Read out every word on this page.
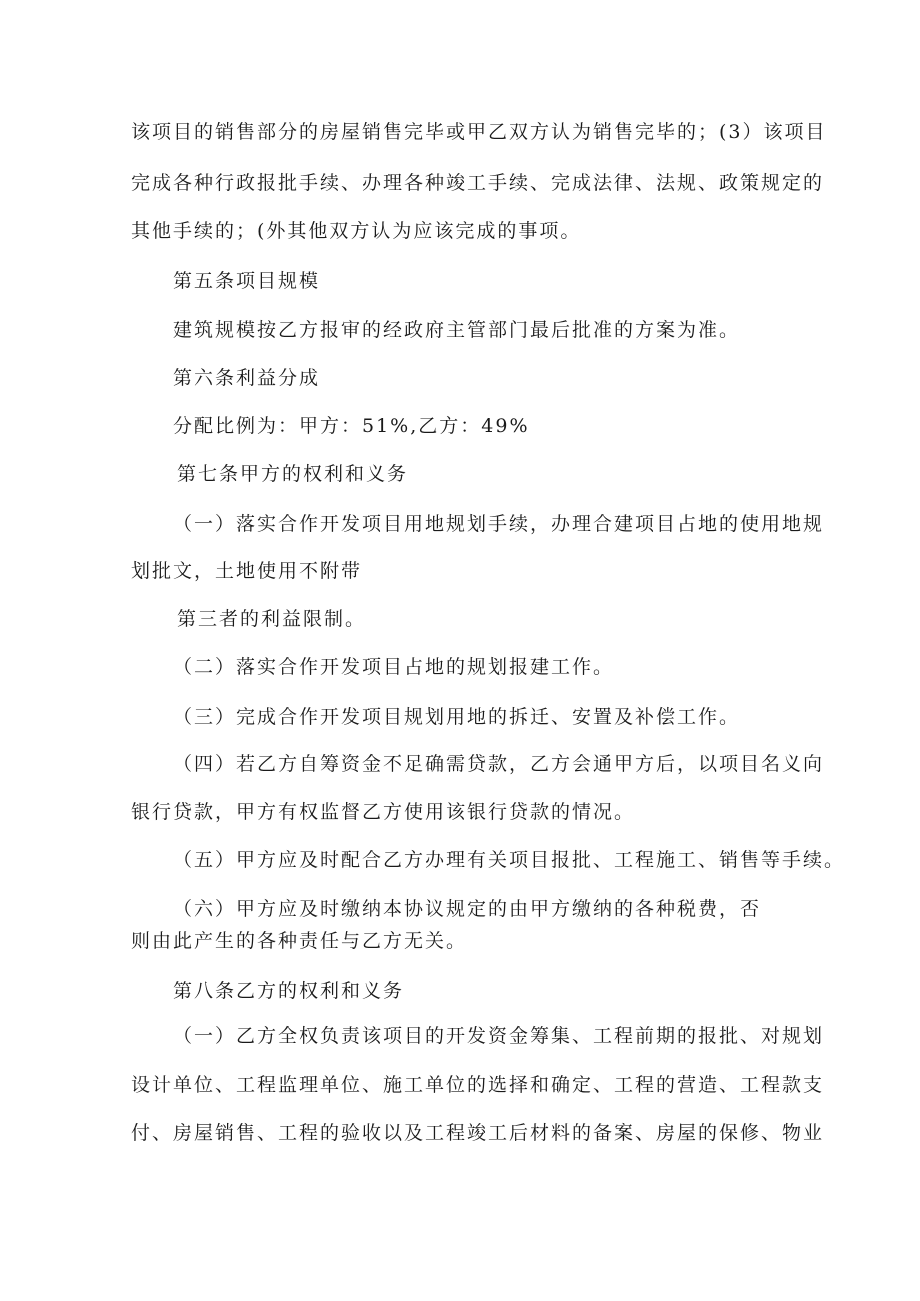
该项目的销售部分的房屋销售完毕或甲乙双方认为销售完毕的；(3）该项目
完成各种行政报批手续、办理各种竣工手续、完成法律、法规、政策规定的
其他手续的；(外其他双方认为应该完成的事项。
第五条项目规模
建筑规模按乙方报审的经政府主管部门最后批准的方案为准。
第六条利益分成
分配比例为：甲方：51%,乙方：49%
第七条甲方的权利和义务
（一）落实合作开发项目用地规划手续，办理合建项目占地的使用地规
划批文，土地使用不附带
第三者的利益限制。
（二）落实合作开发项目占地的规划报建工作。
（三）完成合作开发项目规划用地的拆迁、安置及补偿工作。
（四）若乙方自筹资金不足确需贷款，乙方会通甲方后，以项目名义向
银行贷款，甲方有权监督乙方使用该银行贷款的情况。
（五）甲方应及时配合乙方办理有关项目报批、工程施工、销售等手续。
（六）甲方应及时缴纳本协议规定的由甲方缴纳的各种税费，否
则由此产生的各种责任与乙方无关。
第八条乙方的权利和义务
（一）乙方全权负责该项目的开发资金筹集、工程前期的报批、对规划
设计单位、工程监理单位、施工单位的选择和确定、工程的营造、工程款支
付、房屋销售、工程的验收以及工程竣工后材料的备案、房屋的保修、物业
